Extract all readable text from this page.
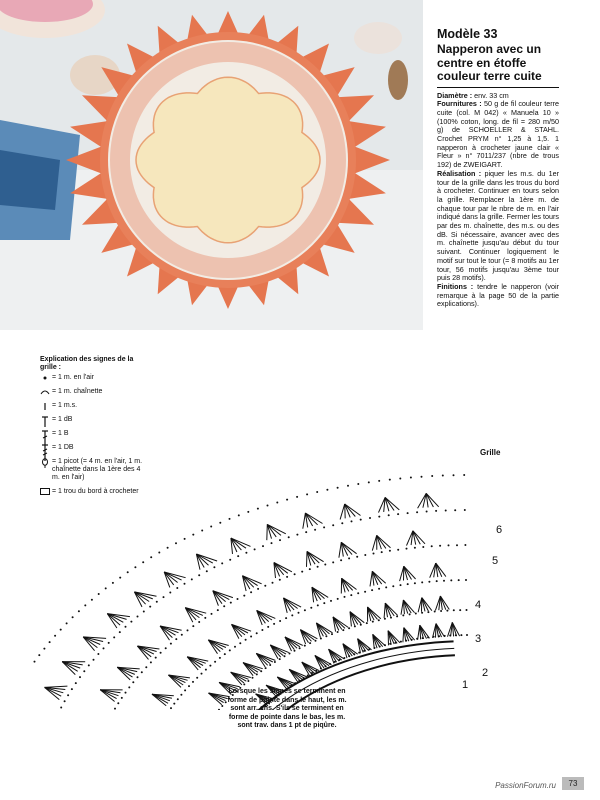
Modèle 33
Napperon avec un
centre en étoffe
couleur terre cuite

Diamètre : env. 33 cm

Fournitures : 50 g de fil couleur terre cuite (col. M 042) « Manuela 10 » (100% coton, long. de fil = 280 m/50 g) de SCHOELLER & STAHL. Crochet PRYM n° 1,25 à 1,5. 1 napperon à crocheter jaune clair « Fleur » n° 7011/237 (nbre de trous 192) de ZWEIGART.

Réalisation : piquer les m.s. du 1er tour de la grille dans les trous du bord à crocheter. Continuer en tours selon la grille. Remplacer la 1ère m. de chaque tour par le nbre de m. en l'air indiqué dans la grille. Fermer les tours par des m. chaînette, des m.s. ou des dB. Si nécessaire, avancer avec des m. chaînette jusqu'au début du tour suivant. Continuer logiquement le motif sur tout le tour (= 8 motifs au 1er tour, 56 motifs jusqu'au 3ème tour puis 28 motifs).

Finitions : tendre le napperon (voir remarque à la page 50 de la partie explications).

Explication des signes de la grille :
= 1 m. en l'air
= 1 m. chaînette
= 1 m.s.
= 1 dB
= 1 B
= 1 DB
= 1 picot (= 4 m. en l'air, 1 m. chaînette dans la 1ère des 4 m. en l'air)
= 1 trou du bord à crocheter
1
2
3
4
5
6
Grille
Lorsque les signes se terminent en forme de pointe dans le haut, les m. sont arr. ens. S'ils se terminent en forme de pointe dans le bas, les m. sont trav. dans 1 pt de piqûre.
PassionForum.ru	73
